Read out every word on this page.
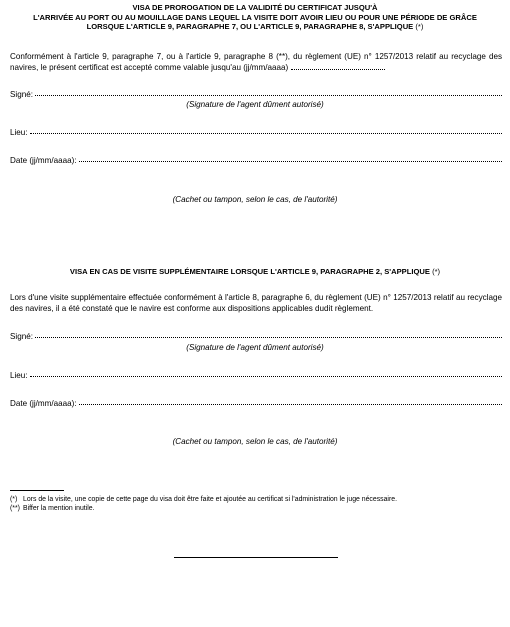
VISA DE PROROGATION DE LA VALIDITÉ DU CERTIFICAT JUSQU'À
L'ARRIVÉE AU PORT OU AU MOUILLAGE DANS LEQUEL LA VISITE DOIT AVOIR LIEU OU POUR UNE PÉRIODE DE GRÂCE
LORSQUE L'ARTICLE 9, PARAGRAPHE 7, OU L'ARTICLE 9, PARAGRAPHE 8, S'APPLIQUE (*)
Conformément à l'article 9, paragraphe 7, ou à l'article 9, paragraphe 8 (**), du règlement (UE) n° 1257/2013 relatif au recyclage des navires, le présent certificat est accepté comme valable jusqu'au (jj/mm/aaaa)
Signé:
(Signature de l'agent dûment autorisé)
Lieu:
Date (jj/mm/aaaa):
(Cachet ou tampon, selon le cas, de l'autorité)
VISA EN CAS DE VISITE SUPPLÉMENTAIRE LORSQUE L'ARTICLE 9, PARAGRAPHE 2, S'APPLIQUE (*)
Lors d'une visite supplémentaire effectuée conformément à l'article 8, paragraphe 6, du règlement (UE) n° 1257/2013 relatif au recyclage des navires, il a été constaté que le navire est conforme aux dispositions applicables dudit règlement.
Signé:
(Signature de l'agent dûment autorisé)
Lieu:
Date (jj/mm/aaaa):
(Cachet ou tampon, selon le cas, de l'autorité)
(*) Lors de la visite, une copie de cette page du visa doit être faite et ajoutée au certificat si l'administration le juge nécessaire.
(**) Biffer la mention inutile.
